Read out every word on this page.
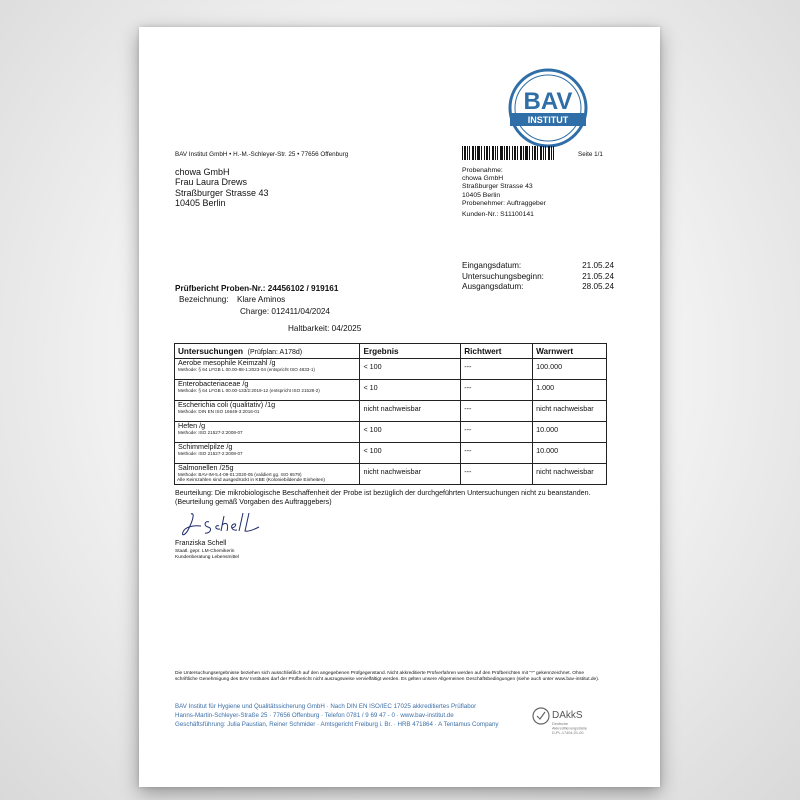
BAV
INSTITUT
BAV Institut GmbH • H.-M.-Schleyer-Str. 25 • 77656 Offenburg	Seite 1/1
chowa GmbH
Frau Laura Drews
Straßburger Strasse 43
10405 Berlin
Probenahme:
chowa GmbH
Straßburger Strasse 43
10405 Berlin
Probenehmer: Auftraggeber
Kunden-Nr.: S11100141
Eingangsdatum:	21.05.24
Untersuchungsbeginn:	21.05.24
Ausgangsdatum:	28.05.24
Prüfbericht Proben-Nr.: 24456102 / 919161
Bezeichnung: Klare Aminos
Charge: 012411/04/2024
Haltbarkeit: 04/2025
Untersuchungen (Prüfplan: A178d)	Ergebnis	Richtwert	Warnwert

Aerobe mesophile Keimzahl /g
Methode: § 64 LFGB L 00.00-88-1:2023-04 (entspricht ISO 4833-1)	< 100	---	100.000

Enterobacteriaceae /g
Methode: § 64 LFGB L 00.00-133/2:2019-12 (entspricht ISO 21528-2)	< 10	---	1.000

Escherichia coli (qualitativ) /1g
Methode: DIN EN ISO 16649-3:2016-01	nicht nachweisbar	---	nicht nachweisbar

Hefen /g
Methode: ISO 21527-2:2008-07	< 100	---	10.000

Schimmelpilze /g
Methode: ISO 21527-2:2008-07	< 100	---	10.000

Salmonellen /25g
Methode: BAV-IM-5.4-09-01:2020-05 (validiert gg. ISO 6579)	nicht nachweisbar	---	nicht nachweisbar
Alle Keimzahlen sind ausgedrückt in KBE (Koloniebildende Einheiten)
Beurteilung: Die mikrobiologische Beschaffenheit der Probe ist bezüglich der durchgeführten Untersuchungen nicht zu beanstanden. (Beurteilung gemäß Vorgaben des Auftraggebers)
Franziska Schell
Staatl. gepr. LM-Chemikerin
Kundenberatung Lebensmittel
Die Untersuchungsergebnisse beziehen sich ausschließlich auf den angegebenen Prüfgegenstand. Nicht akkreditierte Prüfverfahren werden auf den Prüfberichten mit "*" gekennzeichnet. Ohne schriftliche Genehmigung des BAV Institutes darf der Prüfbericht nicht auszugsweise vervielfältigt werden. Es gelten unsere Allgemeinen Geschäftsbedingungen (siehe auch unter www.bav-institut.de).
BAV Institut für Hygiene und Qualitätssicherung GmbH · Nach DIN EN ISO/IEC 17025 akkreditiertes Prüflabor
Hanns-Martin-Schleyer-Straße 25 · 77656 Offenburg · Telefon 0781 / 9 69 47 - 0 · www.bav-institut.de
Geschäftsführung: Julia Paustian, Reiner Schmider · Amtsgericht Freiburg i. Br. · HRB 471864 · A Tentamus Company
DAkkS
Deutsche
Akkreditierungsstelle
D-PL-17404-01-00
